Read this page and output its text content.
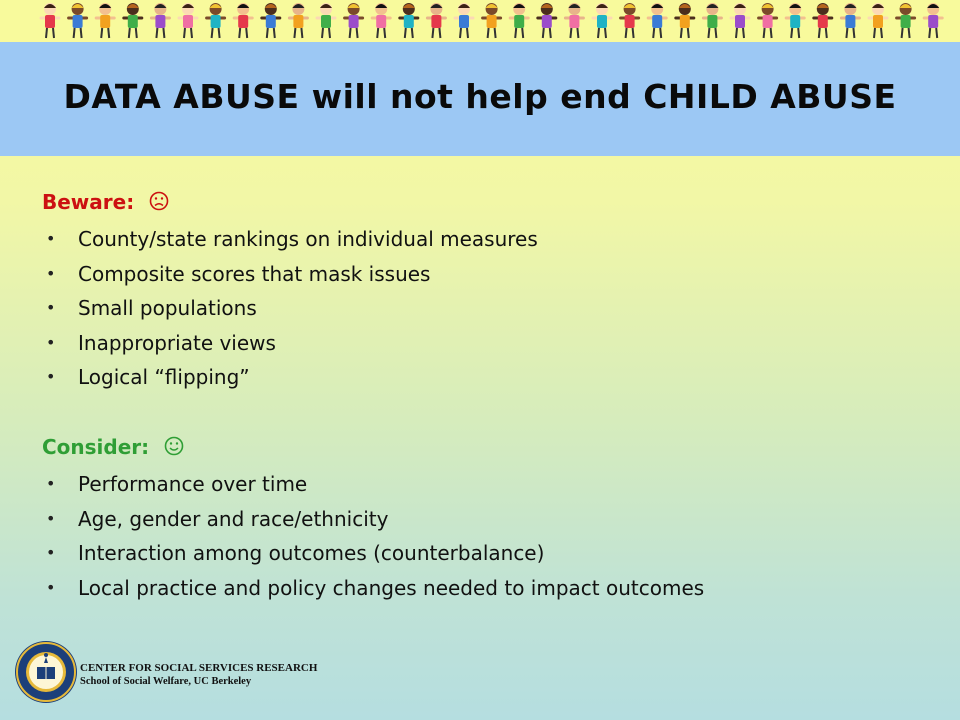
DATA ABUSE will not help end CHILD ABUSE
Beware:
• County/state rankings on individual measures
• Composite scores that mask issues
• Small populations
• Inappropriate views
• Logical “flipping”
Consider:
• Performance over time
• Age, gender and race/ethnicity
• Interaction among outcomes (counterbalance)
• Local practice and policy changes needed to impact outcomes
CENTER FOR SOCIAL SERVICES RESEARCH
School of Social Welfare, UC Berkeley
